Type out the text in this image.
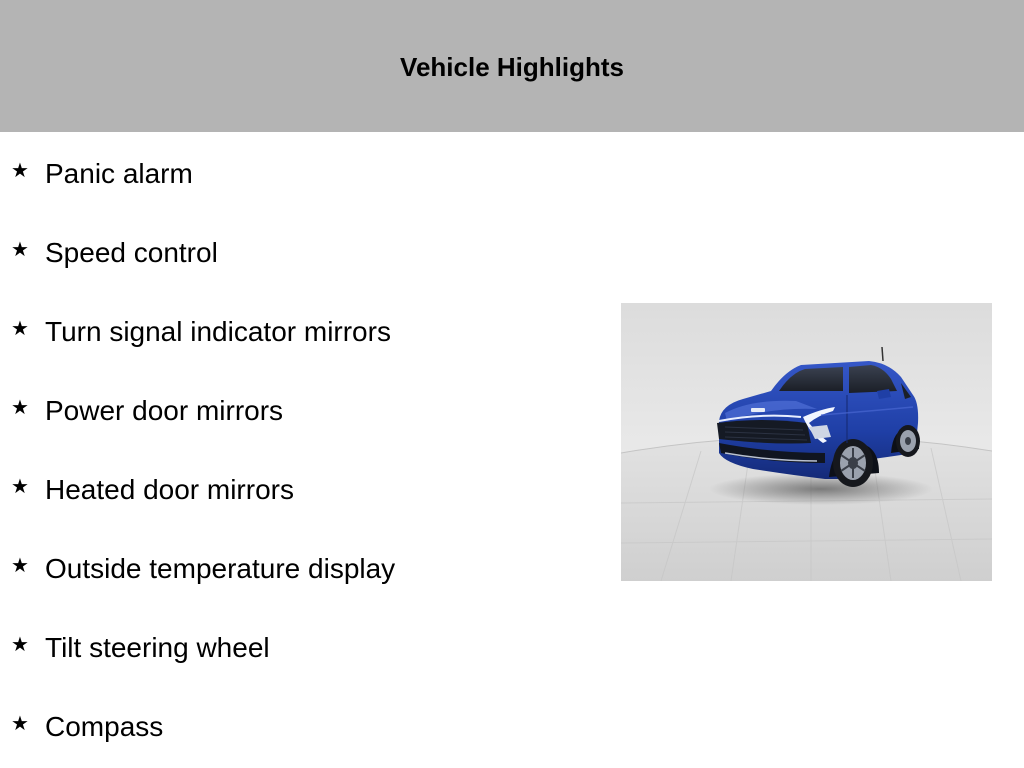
Vehicle Highlights
★ Panic alarm
★ Speed control
★ Turn signal indicator mirrors
★ Power door mirrors
★ Heated door mirrors
★ Outside temperature display
★ Tilt steering wheel
★ Compass
